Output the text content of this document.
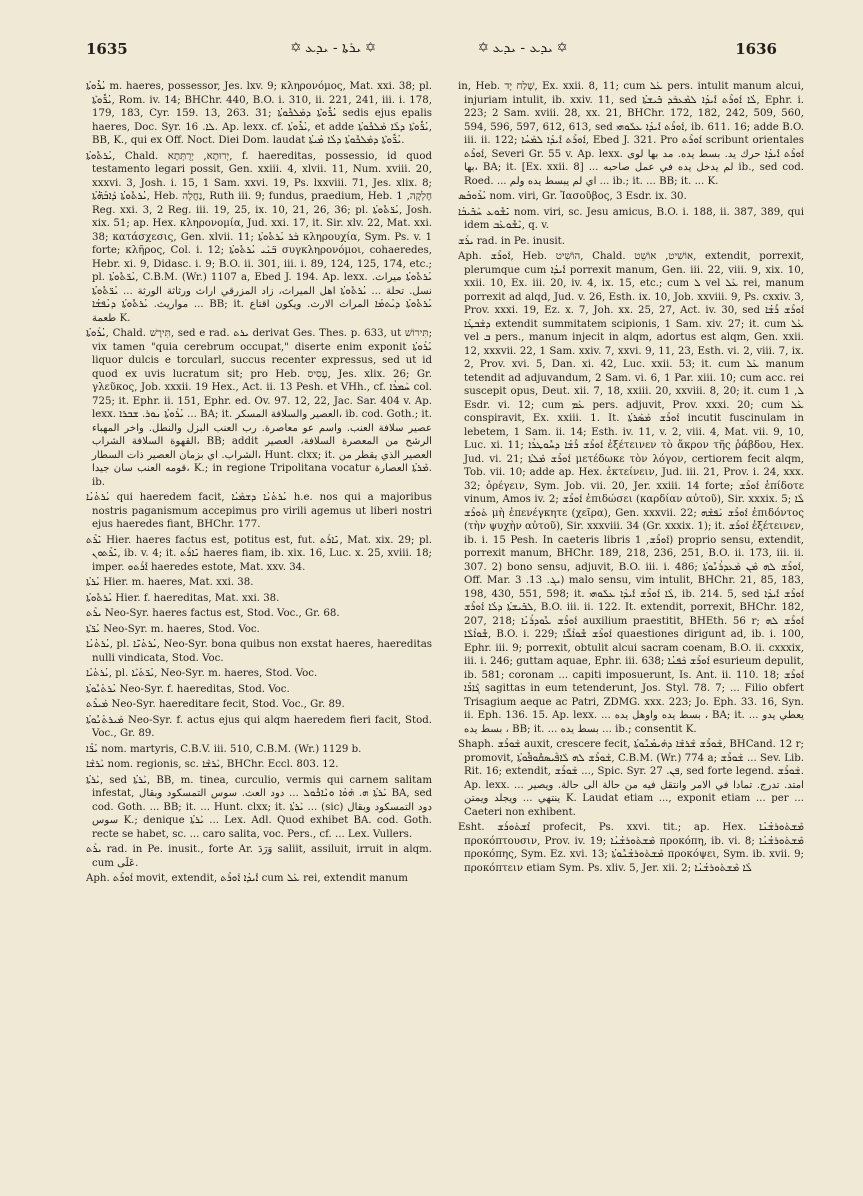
1635	✡ ܝܪܬܐ - ܝܕܥ ✡	✡ ܝܕܥ - ܝܕܥ ✡	1636

ܝܳܪܽܘܬܳܐ m. haeres, possessor, Jes. lxv. 9; κληρονόμος, Mat. xxi. 38; pl. ܝܳܪ̈ܽܘܬܶܐ, Rom. iv. 14; BHChr. 440, B.O. i. 310, ii. 221, 241, iii. i. 178, 179, 183, Cyr. 159. 13, 263. 31; ܝܳܪ̈ܽܘܬܶܐ ܕܡܰܠܟܽܘܬܳܐ sedis ejus epalis haeres, Doc. Syr. ܠܐ. 16. Ap. lexx. cf. ܝܳܪܽܘܬܳܐ, et adde ܝܳܪ̈ܽܘܬܶܐ ܕܠܳܐ ܡܰܠܟܽܘܬܳܐ, BB, K., qui ex Off. Noct. Diei Dom. laudat ܝܳܪ̈ܽܘܬܶܐ ܕܡܰܠܟܽܘܬܳܐ ܕܠܳܐ ܡܳܝܬܳܐ.

ܝܳܪܬܽܘܬܳܐ, Chald. יְרוּתָא, יְרֻתְּתָא, f. haereditas, possessio, id quod testamento legari possit, Gen. xxiii. 4, xlvii. 11, Num. xviii. 20, xxxvi. 3, Josh. i. 15, 1 Sam. xxvi. 19, Ps. lxxviii. 71, Jes. xlix. 8; ܝܳܪܬܽܘܬܳܐ ܕܰܐܒܳܗ̈ܳܬܳܐ, Heb. נַחֲלָה, Ruth iii. 9; fundus, praedium, Heb. חֶלְקָה, 1 Reg. xxi. 3, 2 Reg. iii. 19, 25, ix. 10, 21, 26, 36; pl. ܝܳܪ̈ܬܽܘܬܳܐ, Josh. xix. 51; ap. Hex. κληρονομία, Jud. xxi. 17, it. Sir. xlv. 22, Mat. xxi. 38; κατάσχεσις, Gen. xlvii. 11; ܒܰܪ ܝܳܪܬܽܘܬܳܐ κληρουχία, Sym. Ps. v. 1 forte; κλῆρος, Col. i. 12; ܒ̈ܢܰܝ ܝܳܪܬܽܘܬܳܐ συγκληρονόμοι, cohaeredes, Hebr. xi. 9, Didasc. i. 9; B.O. ii. 301, iii. i. 89, 124, 125, 174, etc.; pl. ܝܳܪ̈ܬܽܘܬܳܐ, C.B.M. (Wr.) 1107 a, Ebed J. 194. Ap. lexx. ܝܳܪܬܽܘܬܳܐ ميراث. نسل. تحلة ... ܝܳܪܬܽܘܬܳܐ اهل الميراث، زاد المزرقي اراث ورثاثة الورثة ... ܝܳܪ̈ܬܽܘܬܳܐ مواريث. ܝܳܪܬܽܘܬܳܐ ܕܢܳܦܫܳܐ ... BB; it. ܝܳܪܬܽܘܬܳܐ ܕܝܳܬܡܳܐ المراث الارث. ويكون اقتاع طعمة K.

ܝܳܪܰܘܬܳܐ, Chald. תִּירָשׁ, sed e rad. ܝܪܬ derivat Ges. Thes. p. 633, ut תִּירוֹשׁ; vix tamen "quia cerebrum occupat," diserte enim exponit ܝܳܪܰܘܬܳܐ liquor dulcis e torcularl, succus recenter expressus, sed ut id quod ex uvis lucratum sit; pro Heb. עָסִיס, Jes. xlix. 26; Gr. γλεῦκος, Job. xxxii. 19 Hex., Act. ii. 13 Pesh. et VHh., cf. ܚܰܡܪܳܐ col. 725; it. Ephr. ii. 151, Ephr. ed. Ov. 97. 12, 22, Jac. Sar. 404 v. Ap. lexx. ܝܳܪܰܘܬܳܐ ܢܘܪ. ܫܒܪܐ ... BA; it. العصير والسلافة المسكر، ib. cod. Goth.; it. عصير سلافة العنب. واسم عو معاصرة. رب العنب البزل والنطل. واخر المهباء القهوة السلافة الشراب، BB; addit الرشح من المعصرة السلافة، العصير الشراب. اي بزمان العصير ذات السطار، Hunt. clxx; it. العصير الذي يقطر من قومه العنب سان جيدا، K.; in regione Tripolitana vocatur ܡܶܪܬܳܐ العصارة. ib.

ܝܳܪܬܳܢܳܐ qui haeredem facit, ܝܳܪܬܳܢܳܐ ܕܫܡܰܝܳܐ h.e. nos qui a majoribus nostris paganismum accepimus pro virili agemus ut liberi nostri ejus haeredes fiant, BHChr. 177.

ܝܺܪܶܬ Hier. haeres factus est, potitus est, fut. ܢܺܐܪܰܬ, Mat. xix. 29; pl. ܝܺܪܶܬܘܢ, ib. v. 4; it. ܢܺܐܪܰܬ haeres fiam, ib. xix. 16, Luc. x. 25, xviii. 18; imper. ܐܺܪܰܬܘ haeredes estote, Mat. xxv. 34.

ܝܳܪܬܳܐ Hier. m. haeres, Mat. xxi. 38.

ܝܳܪܬܽܘܬܳܐ Hier. f. haereditas, Mat. xxi. 38.

ܝܪܶܬ Neo-Syr. haeres factus est, Stod. Voc., Gr. 68.

ܝܳܪ̈ܬܶܐ Neo-Syr. m. haeres, Stod. Voc.

ܝܳܪܬܳܢܳܐ, pl. ܝܳܪܬܳܢ̈ܶܐ, Neo-Syr. bona quibus non exstat haeres, haereditas nulli vindicata, Stod. Voc.

ܝܳܪܬܳܝܳܐ, pl. ܝܳܪ̈ܬܳܝܶܐ, Neo-Syr. m. haeres, Stod. Voc.

ܝܳܪܬܳܝܽܘܬܳܐ Neo-Syr. f. haereditas, Stod. Voc.

ܡܰܝܪܶܬ Neo-Syr. haereditare fecit, Stod. Voc., Gr. 89.

ܡܰܝܪܬܳܢܽܘܬܳܐ Neo-Syr. f. actus ejus qui alqm haeredem fieri facit, Stod. Voc., Gr. 89.

ܝܳܪ̈ܶܐ nom. martyris, C.B.V. iii. 510, C.B.M. (Wr.) 1129 b.

ܝܰܪܫܶܐ nom. regionis, sc. ܝܰܪܫܶܐ, BHChr. Eccl. 803. 12.

ܝܰܪܬܳܐ, sed ܝܰܪܬܳܐ, BB, m. tinea, curculio, vermis qui carnem salitam infestat, ܝܰܪܬܳܐ ܗ. ܗܰܘܳܐ ܘܢܶܐܟܽܘܠ ... دود العث. سوس التمسكود وبقال BA, sed cod. Goth. ... BB; it. ... Hunt. clxx; it. ܝܰܪܬܳܐ ... (sic) دود التمسكود وبقال سوس K.; denique ܝܰܪܬܳܐ ... Lex. Adl. Quod exhibet BA. cod. Goth. recte se habet, sc. ... caro salita, voc. Pers., cf. ... Lex. Vullers.

ܝܪܰܬ rad. in Pe. inusit., forte Ar. وَرَدَ saliit, assiluit, irruit in alqm. cum عَلَى.

Aph. ܐܰܘܪܶܬ movit, extendit, ܐܺܝܕܳܐ ܐܰܘܪܶܬ cum ܥܰܠ rei, extendit manum

in, Heb. שָׁלַח יָד, Ex. xxii. 8, 11; cum ܥܰܠ pers. intulit manum alcui, injuriam intulit, ib. xxiv. 11, sed ܠܳܐ ܐܰܘܪܶܬ ܐܺܝܕܳܐ ܠܡܶܥܒܰܕ ܒܺܝܫܬܳܐ, Ephr. i. 223; 2 Sam. xviii. 28, xx. 21, BHChr. 172, 182, 242, 509, 560, 594, 596, 597, 612, 613, sed ܐܰܘܪܶܬ ܐܺܝܕܳܐ ܥܠܰܘܗܝ, ib. 611. 16; adde B.O. iii. ii. 122; ܐܰܘܪܶܬ ܐܺܝܕܳܐ ܠܡܰܚܳܐ, Ebed J. 321. Pro ܐܰܘܪܶܬ scribunt orientales ܐܰܘܪܶܬ, Severi Gr. 55 v. Ap. lexx. ܐܰܘܪܶܬ ܐܺܝܕܳܐ حرك يد. بسط يده. مد بها لوى بها، BA; it. [Ex. xxii. 8] ... لم يدخل يده في عمل صاحبه ib., sed cod. Roed. ... اي لم يبسط يده ولم ... ib.; it. ... BB; it. ... K.

ܝܳܪܶܘܒܳܣ nom. viri, Gr. Ἰασοῦβος, 3 Esdr. ix. 30.

ܝܺܫܽܘܥ ܚܰܒܺܝܒܳܐ nom. viri, sc. Jesu amicus, B.O. i. 188, ii. 387, 389, qui idem ܝܶܫܽܘܥܰܒ, q. v.

ܝܪܰܫ rad. in Pe. inusit.

Aph. ܐܰܘܪܶܫ, Heb. הוֹשִׁיט, Chald. אוֹשִׁיט, אוֹשֵׁט, extendit, porrexit, plerumque cum ܐܺܝܕܳܐ porrexit manum, Gen. iii. 22, viii. 9, xix. 10, xxii. 10, Ex. iii. 20, iv. 4, ix. 15, etc.; cum ܠ vel ܥܰܠ rei, manum porrexit ad alqd, Jud. v. 26, Esth. ix. 10, Job. xxviii. 9, Ps. cxxiv. 3, Prov. xxxi. 19, Ez. x. 7, Joh. xx. 25, 27, Act. iv. 30, sed ܐܰܘܪܶܫ ܪܺܫܳܐ ܕܫܰܒܛܳܐ extendit summitatem scipionis, 1 Sam. xiv. 27; it. cum ܥܰܠ vel ܒ pers., manum injecit in alqm, adortus est alqm, Gen. xxii. 12, xxxvii. 22, 1 Sam. xxiv. 7, xxvi. 9, 11, 23, Esth. vi. 2, viii. 7, ix. 2, Prov. xvi. 5, Dan. xi. 42, Luc. xxii. 53; it. cum ܥܰܠ manum tetendit ad adjuvandum, 2 Sam. vi. 6, 1 Par. xiii. 10; cum acc. rei suscepit opus, Deut. xii. 7, 18, xxiii. 20, xxviii. 8, 20; it. cum ܠ, 1 Esdr. vi. 12; cum ܥܰܡ pers. adjuvit, Prov. xxxi. 20; cum ܥܰܠ conspiravit, Ex. xxiii. 1. It. ܐܰܘܪܶܫ ܡܰܣܰܪܬܳܐ incutit fuscinulam in lebetem, 1 Sam. ii. 14; Esth. iv. 11, v. 2, viii. 4, Mat. vii. 9, 10, Luc. xi. 11; ܐܰܘܪܶܫ ܪܺܫܳܐ ܕܚܽܘܛܪܳܐ ἐξέτεινεν τὸ ἄκρον τῆς ῥάβδου, Hex. Jud. vi. 21; ܐܰܘܪܶܫ ܡܶܠܬܳܐ μετέδωκε τὸν λόγον, certiorem fecit alqm, Tob. vii. 10; adde ap. Hex. ἐκτείνειν, Jud. iii. 21, Prov. i. 24, xxx. 32; ὀρέγειν, Sym. Job. vii. 20, Jer. xxiii. 14 forte; ܐܰܘܪܶܫ ἐπίδοτε vinum, Amos iv. 2; ܐܰܘܪܶܫ ἐπιδώσει (καρδίαν αὐτοῦ), Sir. xxxix. 5; ܠܳܐ ܬܰܘܪܶܫ μὴ ἐπενέγκητε (χεῖρα), Gen. xxxvii. 22; ܐܰܘܪܶܫ ܢܰܦܫܶܗ ἐπιδόντος (τὴν ψυχὴν αὐτοῦ), Sir. xxxviii. 34 (Gr. xxxix. 1); it. ܐܰܘܪܶܫ ἐξέτεινεν, ib. i. 15 Pesh. In caeteris libris ܐܰܘܪܶܫ, 1) proprio sensu, extendit, porrexit manum, BHChr. 189, 218, 236, 251, B.O. ii. 173, iii. ii. 307. 2) bono sensu, adjuvit, B.O. iii. i. 486; ܐܰܘܪܶܫ ܠܗ ܡܶܢ ܡܰܥܕܪܳܢܽܘܬܳܐ, Off. Mar. ܝܓ. 13. 3) malo sensu, vim intulit, BHChr. 21, 85, 183, 198, 430, 551, 598; it. ܠܳܐ ܐܰܘܪܶܫ ܐܺܝܕܳܐ ܥܠܰܘܗܝ, ib. 214. 5, sed ܐܰܘܪܶܫ ܐܺܝܕܳܐ ܠܒܺܝܫܬܳܐ ܕܠܳܐ ܐܰܘܪܶܫ, B.O. iii. ii. 122. It. extendit, porrexit, BHChr. 182, 207, 218; ܐܰܘܪܶܫ ܥܽܘܕܪܳܢܳܐ auxilium praestitit, BHEth. 56 r; ܐܰܘܪܶܫ ܠܗ ܫܽܘܐܳܠܶܐ, B.O. i. 229; ܐܰܘܪܶܫ ܫܽܘܐܳܠ̈ܶܐ quaestiones dirigunt ad, ib. i. 100, Ephr. iii. 9; porrexit, obtulit alcui sacram coenam, B.O. ii. cxxxix, iii. i. 246; guttam aquae, Ephr. iii. 638; ܐܰܘܪܶܫ ܟܰܦܢܳܐ esurieum depulit, ib. 581; coronam ... capiti imposuerunt, Is. Ant. ii. 110. 18; ܐܰܘܪܶܫ ܓܶܐܪ̈ܶܐ sagittas in eum tetenderunt, Jos. Styl. 78. 7; ... Filio obfert Trisagium aeque ac Patri, ZDMG. xxx. 223; Jo. Eph. 33. 16, Syn. ii. Eph. 136. 15. Ap. lexx. ... بسط يده واوهل يده ، BA; it. ... يعطي يدو بسط يده ، BB; it. ... بسط يده ... ib.; consentit K.

Shaph. ܫܰܘܪܶܫ auxit, crescere fecit, ܫܰܘܪܶܫ ܫܶܪܫܶܐ ܕܗܰܝܡܳܢܽܘܬܳܐ, BHCand. 12 r; promovit, ܫܰܘܪܶܫ ܠܗ ܠܰܐܦܶܝܣܩܽܘܦܽܘܬܳܐ, C.B.M. (Wr.) 774 a; ܫܰܘܪܶܫ ... Sev. Lib. Rit. 16; extendit, ܫܰܘܪܶܫ ..., Spic. Syr. ܦܢ. 27, sed forte legend. ܫܰܘܪܶܫ. Ap. lexx. ... امتد. تدرج. تمادا في الامر وانتقل فيه من حالة الى حالة. ويصير ينتهي ... ويجلد ويمتن K. Laudat etiam ..., exponit etiam ... per ... Caeteri non exhibent.

Esht. ܐܶܫܬܰܘܪܰܫ profecit, Ps. xxvi. tit.; ap. Hex. ܡܶܫܬܰܘܪܫܳܢܳܐ προκόπτουσιν, Prov. iv. 19; ܡܶܫܬܰܘܪܫܳܢܳܐ προκόπη, ib. vi. 8; ܡܶܫܬܰܘܪܫܳܢܳܐ προκόπης, Sym. Ez. xvi. 13; ܡܶܫܬܰܘܪܫܳܢܽܘܬܳܐ προκόψει, Sym. ib. xvii. 9; προκόπτειν etiam Sym. Ps. xliv. 5, Jer. xii. 2; ܠܳܐ ܡܶܫܬܰܘܪܫܳܢܳܐ
